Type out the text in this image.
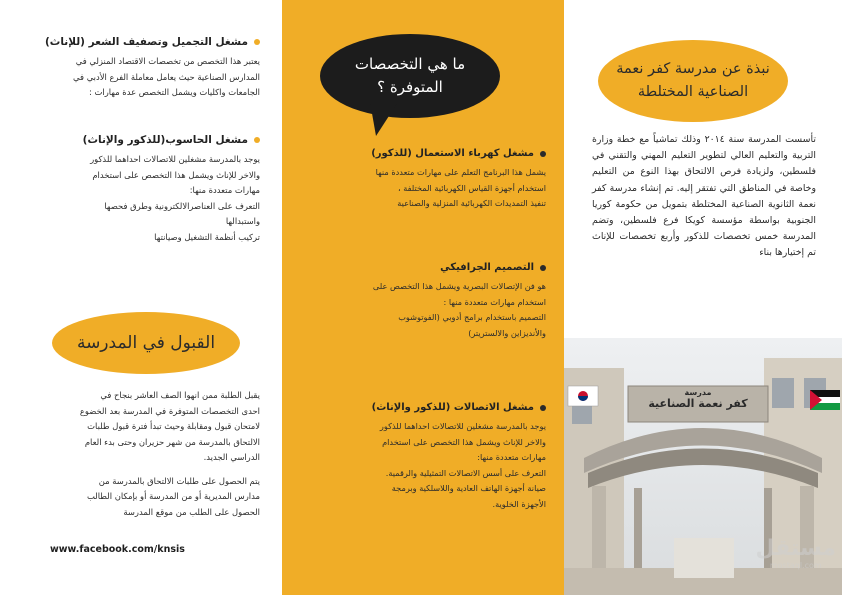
مشغل التجميل وتصفيف الشعر (للإناث)
يعتبر هذا التخصص من تخصصات الاقتصاد المنزلي في
المدارس الصناعية حيث يعامل معاملة الفرع الأدبي في
الجامعات واكليات ويشمل التخصص عدة مهارات :
مشغل الحاسوب(للذكور والإناث)
يوجد بالمدرسة مشغلين للاتصالات احداهما للذكور
والاخر للإناث ويشمل هذا التخصص على استخدام
مهارات متعددة منها:
التعرف على العناصرالالكترونية وطرق فحصها
واستبدالها
تركيب أنظمة التشغيل وصيانتها
القبول في المدرسة
يقبل الطلبة ممن انهوا الصف العاشر بنجاح في
احدى التخصصات المتوفرة في المدرسة بعد الخضوع
لامتحان قبول ومقابلة وحيث تبدأ فترة قبول طلبات
الالتحاق بالمدرسة من شهر حزيران وحتى بدء العام
الدراسي الجديد.
يتم الحصول على طلبات الالتحاق بالمدرسة من
مدارس المديرية أو من المدرسة أو بإمكان الطالب
الحصول على الطلب من موقع المدرسة
www.facebook.com/knsis
ما هي التخصصات
المتوفرة ؟
مشغل كهرباء الاستعمال (للذكور)
يشمل هذا البرنامج التعلم على مهارات متعددة منها
استخدام أجهزة القياس الكهربائية المختلفة ،
تنفيذ التمديدات الكهربائية المنزلية والصناعية
التصميم الجرافيكي
هو فن الإتصالات البصرية ويشمل هذا التخصص على
استخدام مهارات متعددة منها :
التصميم باستخدام برامج أدوبي (الفوتوشوب
والأنديزاين والالستريتر)
مشغل الاتصالات (للذكور والإناث)
يوجد بالمدرسة مشغلين للاتصالات احداهما للذكور
والاخر للإناث ويشمل هذا التخصص على استخدام
مهارات متعددة منها:
التعرف على أسس الاتصالات التمثيلية والرقمية.
صيانة أجهزة الهاتف العادية واللاسلكية وبرمجة
الأجهزة الخلوية.
نبذة عن مدرسة كفر نعمة
الصناعية المختلطة
تأسست المدرسة سنة ٢٠١٤ وذلك تماشياً مع خطة وزارة التربية والتعليم العالي لتطوير التعليم المهني والتقني في فلسطين، ولزيادة فرص الالتحاق بهذا النوع من التعليم وخاصة في المناطق التي تفتقر إليه. تم إنشاء مدرسة كفر نعمة الثانوية الصناعية المختلطة بتمويل من حكومة كوريا الجنوبية بواسطة مؤسسة كويكا فرع فلسطين، وتضم المدرسة خمس تخصصات للذكور وأربع تخصصات للإناث تم إختيارها بناء
مدرسة
كفر نعمة الصناعية
مستقل
mostaql.com
